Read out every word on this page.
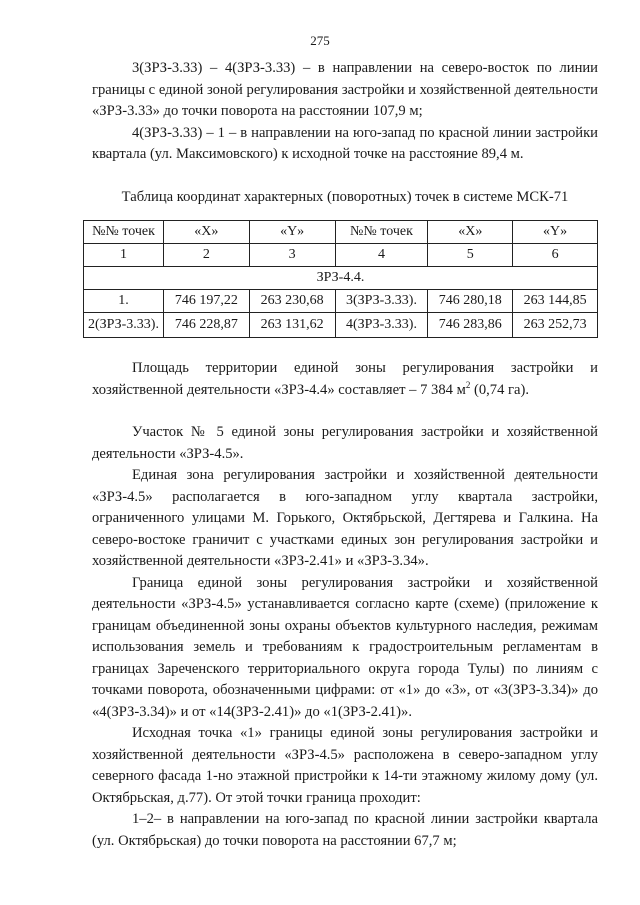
275

3(ЗРЗ-3.33) – 4(ЗРЗ-3.33) – в направлении на северо-восток по линии границы с единой зоной регулирования застройки и хозяйственной деятельности «ЗРЗ-3.33» до точки поворота на расстоянии 107,9 м;

4(ЗРЗ-3.33) – 1 – в направлении на юго-запад по красной линии застройки квартала (ул. Максимовского) к исходной точке на расстояние 89,4 м.

Таблица координат характерных (поворотных) точек в системе МСК-71

№№ точек	«X»	«Y»	№№ точек	«X»	«Y»
1	2	3	4	5	6
ЗРЗ-4.4.					
1.	746 197,22	263 230,68	3(ЗРЗ-3.33).	746 280,18	263 144,85
2(ЗРЗ-3.33).	746 228,87	263 131,62	4(ЗРЗ-3.33).	746 283,86	263 252,73

Площадь территории единой зоны регулирования застройки и хозяйственной деятельности «ЗРЗ-4.4» составляет – 7 384 $м^2$ (0,74 га).

Участок № 5 единой зоны регулирования застройки и хозяйственной деятельности «ЗРЗ-4.5».

Единая зона регулирования застройки и хозяйственной деятельности «ЗРЗ-4.5» располагается в юго-западном углу квартала застройки, ограниченного улицами М. Горького, Октябрьской, Дегтярева и Галкина. На северо-востоке граничит с участками единых зон регулирования застройки и хозяйственной деятельности «ЗРЗ-2.41» и «ЗРЗ-3.34».

Граница единой зоны регулирования застройки и хозяйственной деятельности «ЗРЗ-4.5» устанавливается согласно карте (схеме) (приложение к границам объединенной зоны охраны объектов культурного наследия, режимам использования земель и требованиям к градостроительным регламентам в границах Зареченского территориального округа города Тулы) по линиям с точками поворота, обозначенными цифрами: от «1» до «3», от «3(ЗРЗ-3.34)» до «4(ЗРЗ-3.34)» и от «14(ЗРЗ-2.41)» до «1(ЗРЗ-2.41)».

Исходная точка «1» границы единой зоны регулирования застройки и хозяйственной деятельности «ЗРЗ-4.5» расположена в северо-западном углу северного фасада 1-но этажной пристройки к 14-ти этажному жилому дому (ул. Октябрьская, д.77). От этой точки граница проходит:

1–2– в направлении на юго-запад по красной линии застройки квартала (ул. Октябрьская) до точки поворота на расстоянии 67,7 м;
